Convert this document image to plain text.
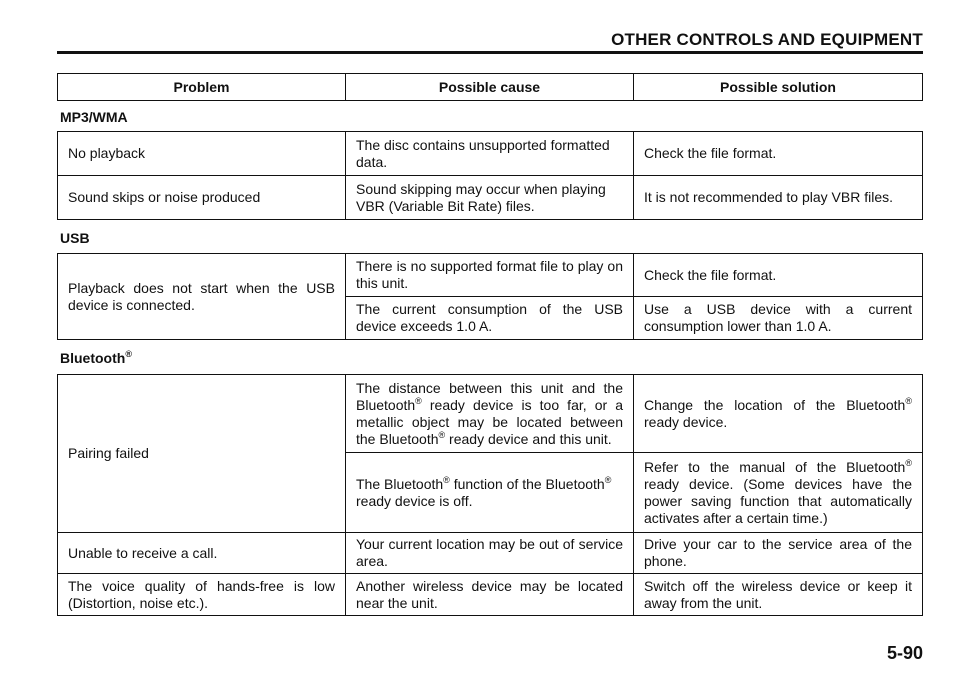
OTHER CONTROLS AND EQUIPMENT
Problem	Possible cause	Possible solution
MP3/WMA
No playback	The disc contains unsupported formatted data.	Check the file format.
Sound skips or noise produced	Sound skipping may occur when playing VBR (Variable Bit Rate) files.	It is not recommended to play VBR files.
USB
Playback does not start when the USB device is connected.	There is no supported format file to play on this unit.	Check the file format.
	The current consumption of the USB device exceeds 1.0 A.	Use a USB device with a current consumption lower than 1.0 A.
Bluetooth®
Pairing failed	The distance between this unit and the Bluetooth® ready device is too far, or a metallic object may be located between the Bluetooth® ready device and this unit.	Change the location of the Bluetooth® ready device.
	The Bluetooth® function of the Bluetooth® ready device is off.	Refer to the manual of the Bluetooth® ready device. (Some devices have the power saving function that automatically activates after a certain time.)
Unable to receive a call.	Your current location may be out of service area.	Drive your car to the service area of the phone.
The voice quality of hands-free is low (Distortion, noise etc.).	Another wireless device may be located near the unit.	Switch off the wireless device or keep it away from the unit.
5-90
